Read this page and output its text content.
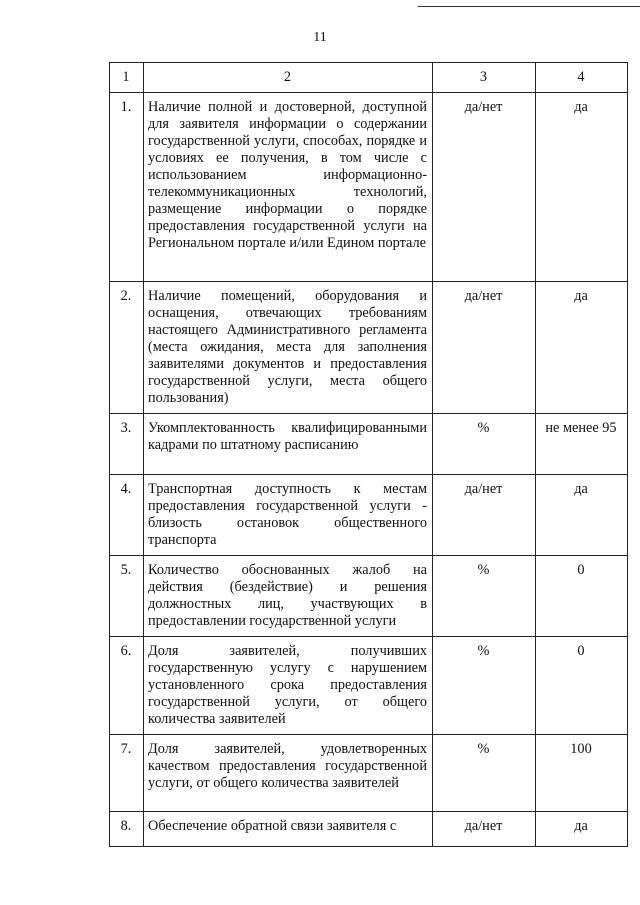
11
1	2	3	4
1.	Наличие полной и достоверной, доступной для заявителя информации о содержании государственной услуги, способах, порядке и условиях ее получения, в том числе с использованием информационно-телекоммуникационных технологий, размещение информации о порядке предоставления государственной услуги на Региональном портале и/или Едином портале	да/нет	да
2.	Наличие помещений, оборудования и оснащения, отвечающих требованиям настоящего Административного регламента (места ожидания, места для заполнения заявителями документов и предоставления государственной услуги, места общего пользования)	да/нет	да
3.	Укомплектованность квалифицированными кадрами по штатному расписанию	%	не менее 95
4.	Транспортная доступность к местам предоставления государственной услуги - близость остановок общественного транспорта	да/нет	да
5.	Количество обоснованных жалоб на действия (бездействие) и решения должностных лиц, участвующих в предоставлении государственной услуги	%	0
6.	Доля заявителей, получивших государственную услугу с нарушением установленного срока предоставления государственной услуги, от общего количества заявителей	%	0
7.	Доля заявителей, удовлетворенных качеством предоставления государственной услуги, от общего количества заявителей	%	100
8.	Обеспечение обратной связи заявителя с	да/нет	да
